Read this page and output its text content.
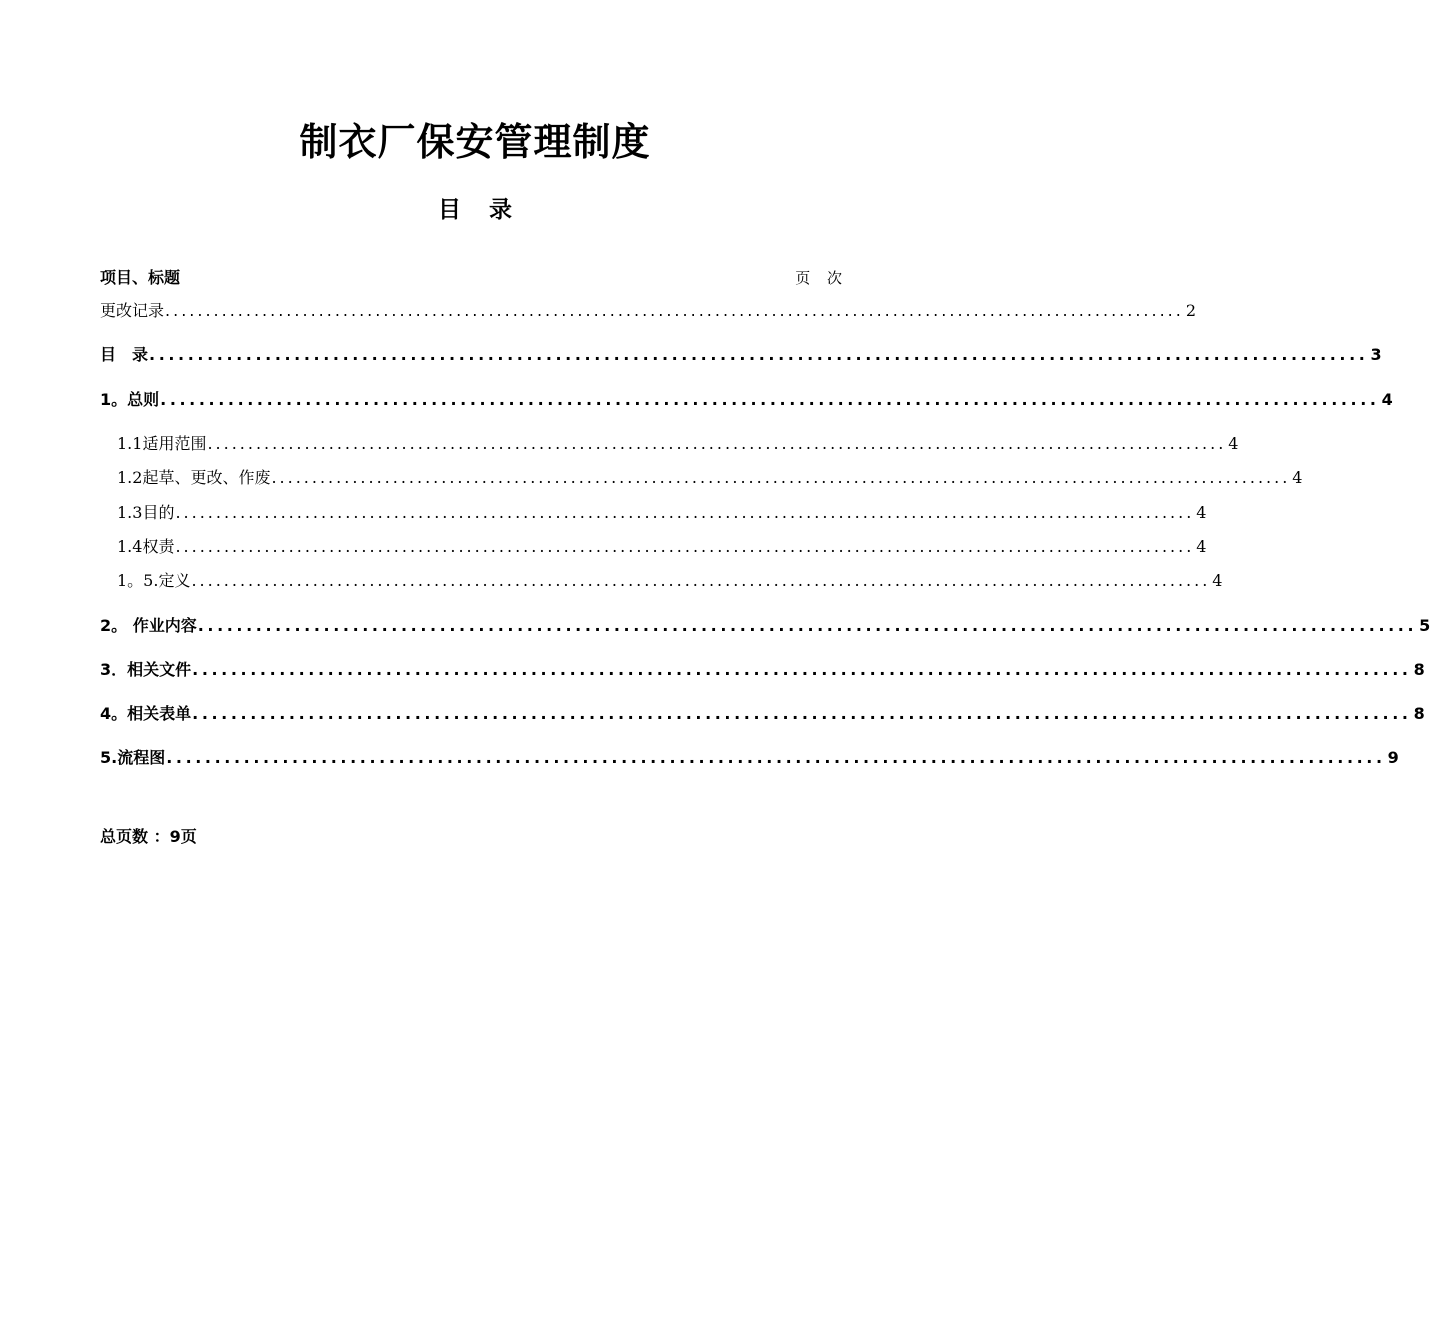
制衣厂保安管理制度
目 录
项目、标题	页 次
更改记录 .............................................................................................................................. 2
目　录 .............................................................................................................................. 3
1。总则 .............................................................................................................................. 4
1.1适用范围 .............................................................................................................................. 4
1.2起草、更改、作废 .............................................................................................................................. 4
1.3目的 .............................................................................................................................. 4
1.4权责 .............................................................................................................................. 4
1。5.定义 .............................................................................................................................. 4
2。 作业内容 .............................................................................................................................. 5
3．相关文件 .............................................................................................................................. 8
4。相关表单 .............................................................................................................................. 8
5.流程图 .............................................................................................................................. 9
总页数 ：9页
